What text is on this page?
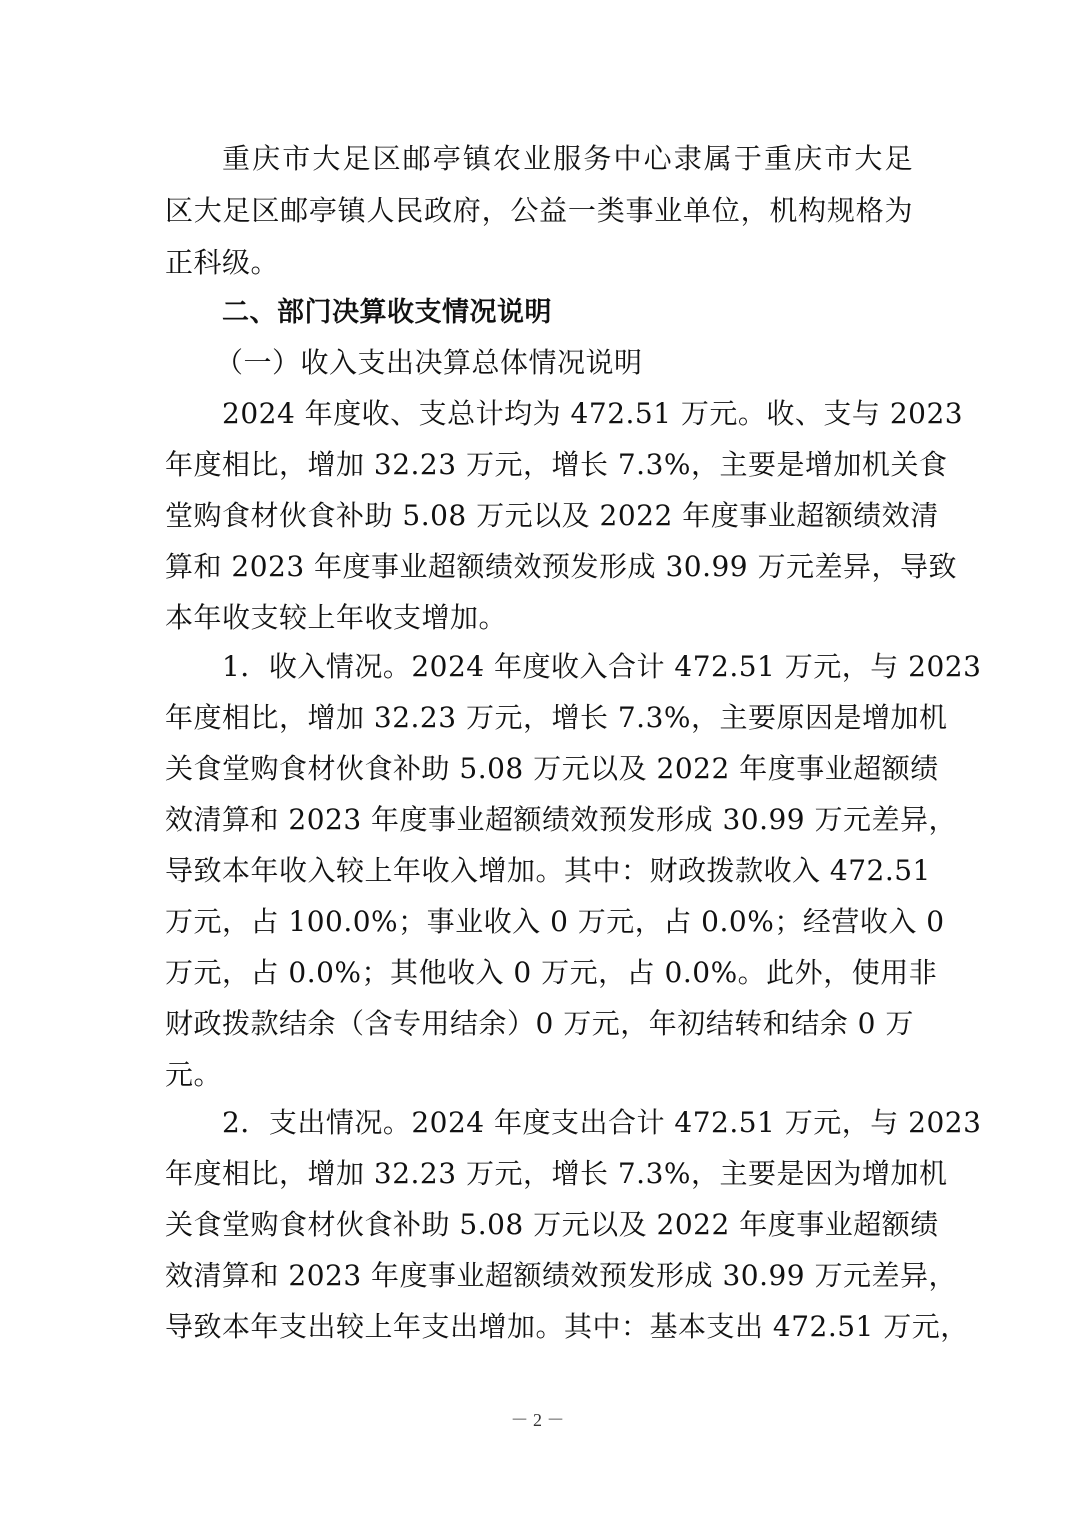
重庆市大足区邮亭镇农业服务中心隶属于重庆市大足
区大足区邮亭镇人民政府，公益一类事业单位，机构规格为
正科级。
二、部门决算收支情况说明
（一）收入支出决算总体情况说明
2024 年度收、支总计均为 472.51 万元。收、支与 2023
年度相比，增加 32.23 万元，增长 7.3%，主要是增加机关食
堂购食材伙食补助 5.08 万元以及 2022 年度事业超额绩效清
算和 2023 年度事业超额绩效预发形成 30.99 万元差异，导致
本年收支较上年收支增加。
1．收入情况。2024 年度收入合计 472.51 万元，与 2023
年度相比，增加 32.23 万元，增长 7.3%，主要原因是增加机
关食堂购食材伙食补助 5.08 万元以及 2022 年度事业超额绩
效清算和 2023 年度事业超额绩效预发形成 30.99 万元差异，
导致本年收入较上年收入增加。其中：财政拨款收入 472.51
万元，占 100.0%；事业收入 0 万元，占 0.0%；经营收入 0
万元，占 0.0%；其他收入 0 万元，占 0.0%。此外，使用非
财政拨款结余（含专用结余）0 万元，年初结转和结余 0 万
元。
2．支出情况。2024 年度支出合计 472.51 万元，与 2023
年度相比，增加 32.23 万元，增长 7.3%，主要是因为增加机
关食堂购食材伙食补助 5.08 万元以及 2022 年度事业超额绩
效清算和 2023 年度事业超额绩效预发形成 30.99 万元差异，
导致本年支出较上年支出增加。其中：基本支出 472.51 万元，
－ 2 －
